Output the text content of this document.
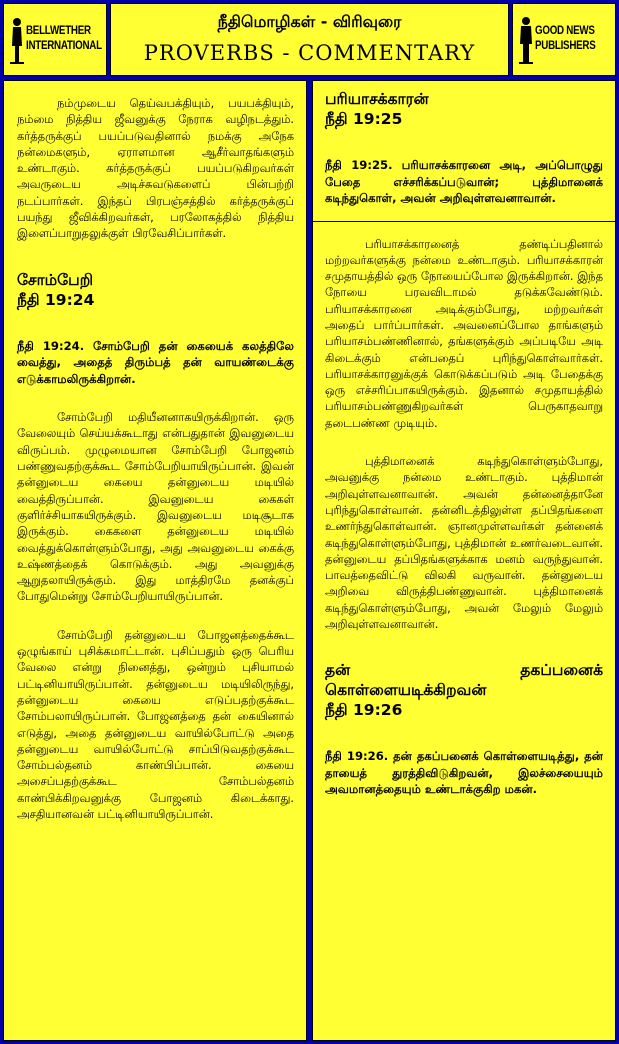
BELLWETHER
INTERNATIONAL
நீதிமொழிகள் - விரிவுரை
PROVERBS - COMMENTARY
GOOD NEWS
PUBLISHERS

நம்முடைய தெய்வபக்தியும், பயபக்தியும், நம்மை நித்திய ஜீவனுக்கு நேராக வழிநடத்தும். கர்த்தருக்குப் பயப்படுவதினால் நமக்கு அநேக நன்மைகளும், ஏராளமான ஆசீர்வாதங்களும் உண்டாகும். கர்த்தருக்குப் பயப்படுகிறவர்கள் அவருடைய அடிச்சுவடுகளைப் பின்பற்றி நடப்பார்கள். இந்தப் பிரபஞ்சத்தில் கர்த்தருக்குப் பயந்து ஜீவிக்கிறவர்கள், பரலோகத்தில் நித்திய இளைப்பாறுதலுக்குள் பிரவேசிப்பார்கள்.

சோம்பேறி
நீதி 19:24
நீதி 19:24. சோம்பேறி தன் கையைக் கலத்திலே வைத்து, அதைத் திரும்பத் தன் வாயண்டைக்கு எடுக்காமலிருக்கிறான்.

சோம்பேறி மதியீனனாகயிருக்கிறான். ஒரு வேலையும் செய்யக்கூடாது என்பதுதான் இவனுடைய விருப்பம். முழுமையான சோம்பேறி போஜனம் பண்ணுவதற்குக்கூட சோம்பேறியாயிருப்பான். இவன் தன்னுடைய கையை தன்னுடைய மடியில் வைத்திருப்பான். இவனுடைய கைகள் குளிர்ச்சியாகயிருக்கும். இவனுடைய மடிசூடாக இருக்கும். கைகளை தன்னுடைய மடியில் வைத்துக்கொள்ளும்போது, அது அவனுடைய கைக்கு உஷ்ணத்தைக் கொடுக்கும். அது அவனுக்கு ஆறுதலாயிருக்கும். இது மாத்திரமே தனக்குப் போதுமென்று சோம்பேறியாயிருப்பான்.

சோம்பேறி தன்னுடைய போஜனத்தைக்கூட ஒழுங்காய் புசிக்கமாட்டான். புசிப்பதும் ஒரு பெரிய வேலை என்று நினைத்து, ஒன்றும் புசியாமல் பட்டினியாயிருப்பான். தன்னுடைய மடியிலிருந்து, தன்னுடைய கையை எடுப்பதற்குக்கூட சோம்பலாயிருப்பான். போஜனத்தை தன் கையினால் எடுத்து, அதை தன்னுடைய வாயில்போட்டு அதை தன்னுடைய வாயில்போட்டு சாப்பிடுவதற்குக்கூட சோம்பல்தனம் காண்பிப்பான். கையை அசைப்பதற்குக்கூட சோம்பல்தனம் காண்பிக்கிறவனுக்கு போஜனம் கிடைக்காது. அசதியானவன் பட்டினியாயிருப்பான்.

பரியாசக்காரன்
நீதி 19:25
நீதி 19:25. பரியாசக்காரனை அடி, அப்பொழுது பேதை எச்சரிக்கப்படுவான்; புத்திமானைக் கடிந்துகொள், அவன் அறிவுள்ளவனாவான்.

பரியாசக்காரனைத் தண்டிப்பதினால் மற்றவர்களுக்கு நன்மை உண்டாகும். பரியாசக்காரன் சமுதாயத்தில் ஒரு நோயைப்போல இருக்கிறான். இந்த நோயை பரவவிடாமல் தடுக்கவேண்டும். பரியாசக்காரனை அடிக்கும்போது, மற்றவர்கள் அதைப் பார்ப்பார்கள். அவனைப்போல தாங்களும் பரியாசம்பண்ணினால், தங்களுக்கும் அப்படியே அடி கிடைக்கும் என்பதைப் புரிந்துகொள்வார்கள். பரியாசக்காரனுக்குக் கொடுக்கப்படும் அடி பேதைக்கு ஒரு எச்சரிப்பாகயிருக்கும். இதனால் சமுதாயத்தில் பரியாசம்பண்ணுகிறவர்கள் பெருகாதவாறு தடைபண்ண முடியும்.

புத்திமானைக் கடிந்துகொள்ளும்போது, அவனுக்கு நன்மை உண்டாகும். புத்திமான் அறிவுள்ளவனாவான். அவன் தன்னைத்தானே புரிந்துகொள்வான். தன்னிடத்திலுள்ள தப்பிதங்களை உணர்ந்துகொள்வான். ஞானமுள்ளவர்கள் தன்னைக் கடிந்துகொள்ளும்போது, புத்திமான் உணர்வடைவான். தன்னுடைய தப்பிதங்களுக்காக மனம் வருந்துவான். பாவத்தைவிட்டு விலகி வருவான். தன்னுடைய அறிவை விருத்திபண்ணுவான். புத்திமானைக் கடிந்துகொள்ளும்போது, அவன் மேலும் மேலும் அறிவுள்ளவனாவான்.

தன் தகப்பனைக்
கொள்ளையடிக்கிறவன்
நீதி 19:26
நீதி 19:26. தன் தகப்பனைக் கொள்ளையடித்து, தன் தாயைத் துரத்திவிடுகிறவன், இலச்சையையும் அவமானத்தையும் உண்டாக்குகிற மகன்.
